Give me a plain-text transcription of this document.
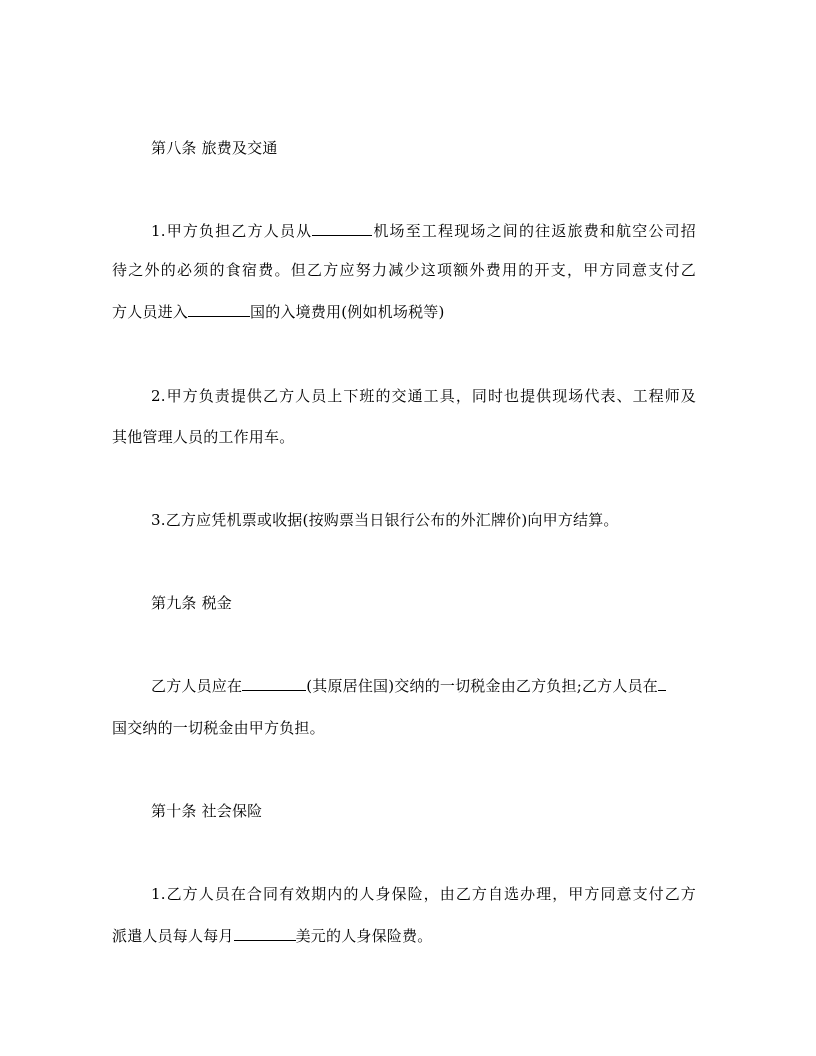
第八条 旅费及交通
1.甲方负担乙方人员从	机场至工程现场之间的往返旅费和航空公司招
待之外的必须的食宿费。但乙方应努力减少这项额外费用的开支，甲方同意支付乙
方人员进入	国的入境费用(例如机场税等)
2.甲方负责提供乙方人员上下班的交通工具，同时也提供现场代表、工程师及
其他管理人员的工作用车。
3.乙方应凭机票或收据(按购票当日银行公布的外汇牌价)向甲方结算。
第九条 税金
乙方人员应在	(其原居住国)交纳的一切税金由乙方负担;乙方人员在
国交纳的一切税金由甲方负担。
第十条 社会保险
1.乙方人员在合同有效期内的人身保险，由乙方自选办理，甲方同意支付乙方
派遣人员每人每月	美元的人身保险费。
